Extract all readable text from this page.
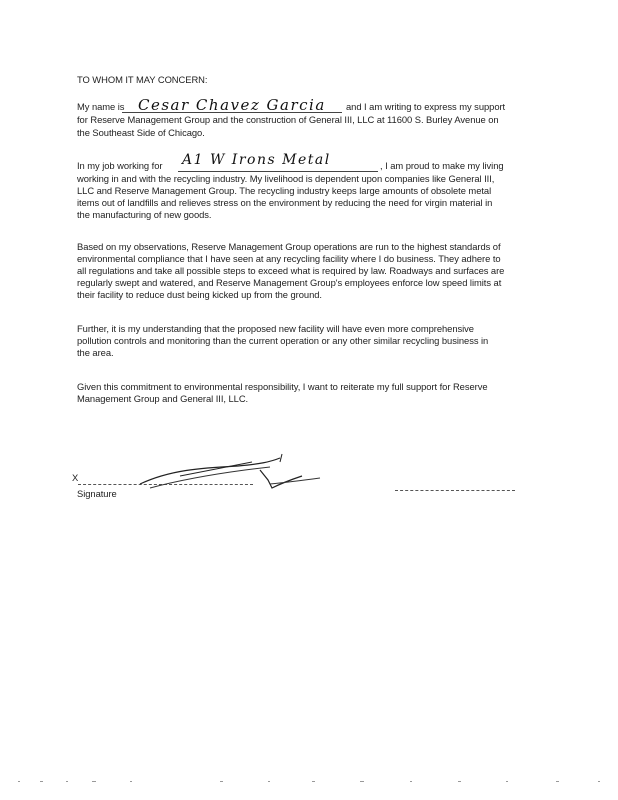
TO WHOM IT MAY CONCERN:
My name is Cesar Chavez Garcia and I am writing to express my support
for Reserve Management Group and the construction of General III, LLC at 11600 S. Burley Avenue on
the Southeast Side of Chicago.
In my job working for A1 W Irons Metal	, I am proud to make my living
working in and with the recycling industry. My livelihood is dependent upon companies like General III,
LLC and Reserve Management Group. The recycling industry keeps large amounts of obsolete metal
items out of landfills and relieves stress on the environment by reducing the need for virgin material in
the manufacturing of new goods.
Based on my observations, Reserve Management Group operations are run to the highest standards of
environmental compliance that I have seen at any recycling facility where I do business. They adhere to
all regulations and take all possible steps to exceed what is required by law. Roadways and surfaces are
regularly swept and watered, and Reserve Management Group's employees enforce low speed limits at
their facility to reduce dust being kicked up from the ground.
Further, it is my understanding that the proposed new facility will have even more comprehensive
pollution controls and monitoring than the current operation or any other similar recycling business in
the area.
Given this commitment to environmental responsibility, I want to reiterate my full support for Reserve
Management Group and General III, LLC.
X
Signature
